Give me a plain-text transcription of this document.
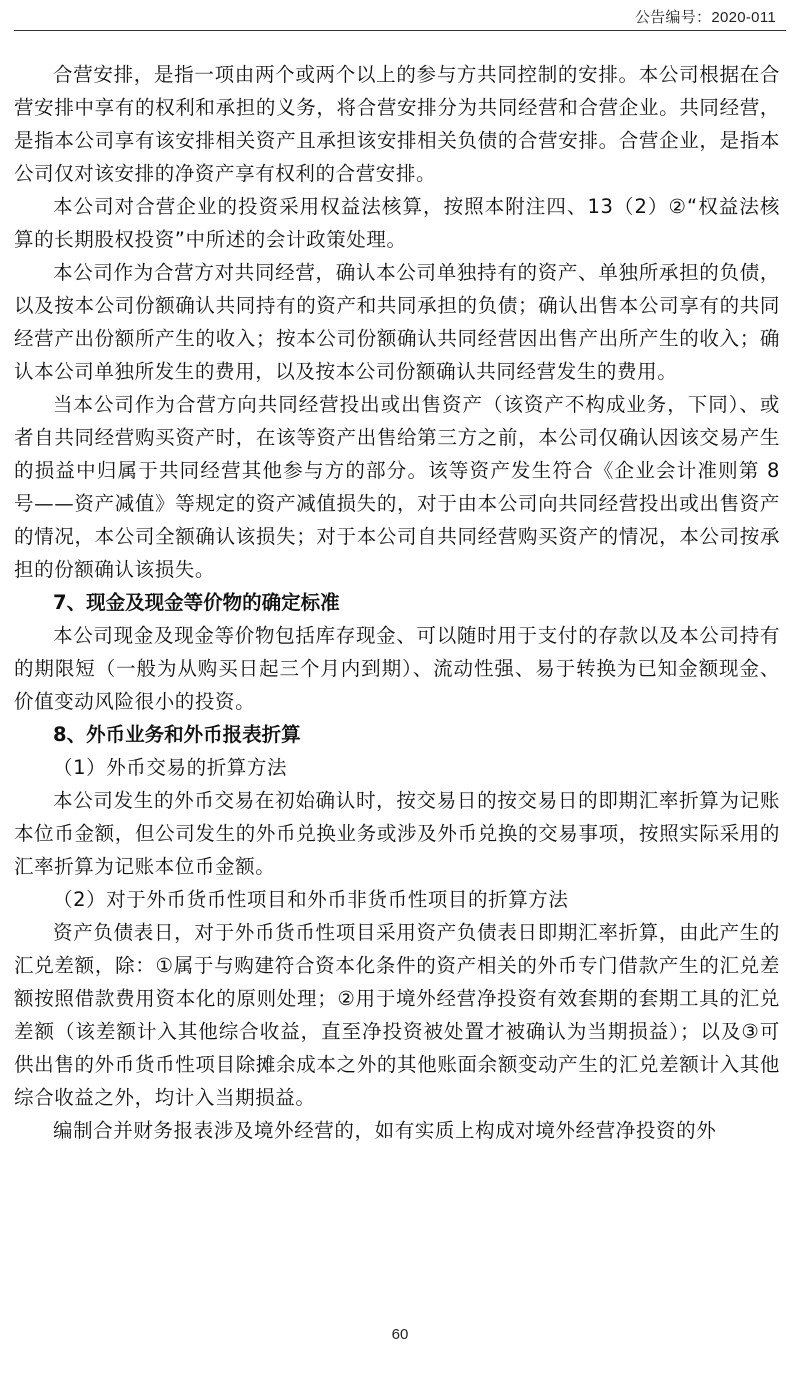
公告编号：2020-011

合营安排，是指一项由两个或两个以上的参与方共同控制的安排。本公司根据在合营安排中享有的权利和承担的义务，将合营安排分为共同经营和合营企业。共同经营，是指本公司享有该安排相关资产且承担该安排相关负债的合营安排。合营企业，是指本公司仅对该安排的净资产享有权利的合营安排。

本公司对合营企业的投资采用权益法核算，按照本附注四、13（2）②“权益法核算的长期股权投资”中所述的会计政策处理。

本公司作为合营方对共同经营，确认本公司单独持有的资产、单独所承担的负债，以及按本公司份额确认共同持有的资产和共同承担的负债；确认出售本公司享有的共同经营产出份额所产生的收入；按本公司份额确认共同经营因出售产出所产生的收入；确认本公司单独所发生的费用，以及按本公司份额确认共同经营发生的费用。

当本公司作为合营方向共同经营投出或出售资产（该资产不构成业务，下同）、或者自共同经营购买资产时，在该等资产出售给第三方之前，本公司仅确认因该交易产生的损益中归属于共同经营其他参与方的部分。该等资产发生符合《企业会计准则第 8 号——资产减值》等规定的资产减值损失的，对于由本公司向共同经营投出或出售资产的情况，本公司全额确认该损失；对于本公司自共同经营购买资产的情况，本公司按承担的份额确认该损失。

7、现金及现金等价物的确定标准

本公司现金及现金等价物包括库存现金、可以随时用于支付的存款以及本公司持有的期限短（一般为从购买日起三个月内到期）、流动性强、易于转换为已知金额现金、价值变动风险很小的投资。

8、外币业务和外币报表折算

（1）外币交易的折算方法

本公司发生的外币交易在初始确认时，按交易日的按交易日的即期汇率折算为记账本位币金额，但公司发生的外币兑换业务或涉及外币兑换的交易事项，按照实际采用的汇率折算为记账本位币金额。

（2）对于外币货币性项目和外币非货币性项目的折算方法

资产负债表日，对于外币货币性项目采用资产负债表日即期汇率折算，由此产生的汇兑差额，除：①属于与购建符合资本化条件的资产相关的外币专门借款产生的汇兑差额按照借款费用资本化的原则处理；②用于境外经营净投资有效套期的套期工具的汇兑差额（该差额计入其他综合收益，直至净投资被处置才被确认为当期损益）；以及③可供出售的外币货币性项目除摊余成本之外的其他账面余额变动产生的汇兑差额计入其他综合收益之外，均计入当期损益。

编制合并财务报表涉及境外经营的，如有实质上构成对境外经营净投资的外

60
